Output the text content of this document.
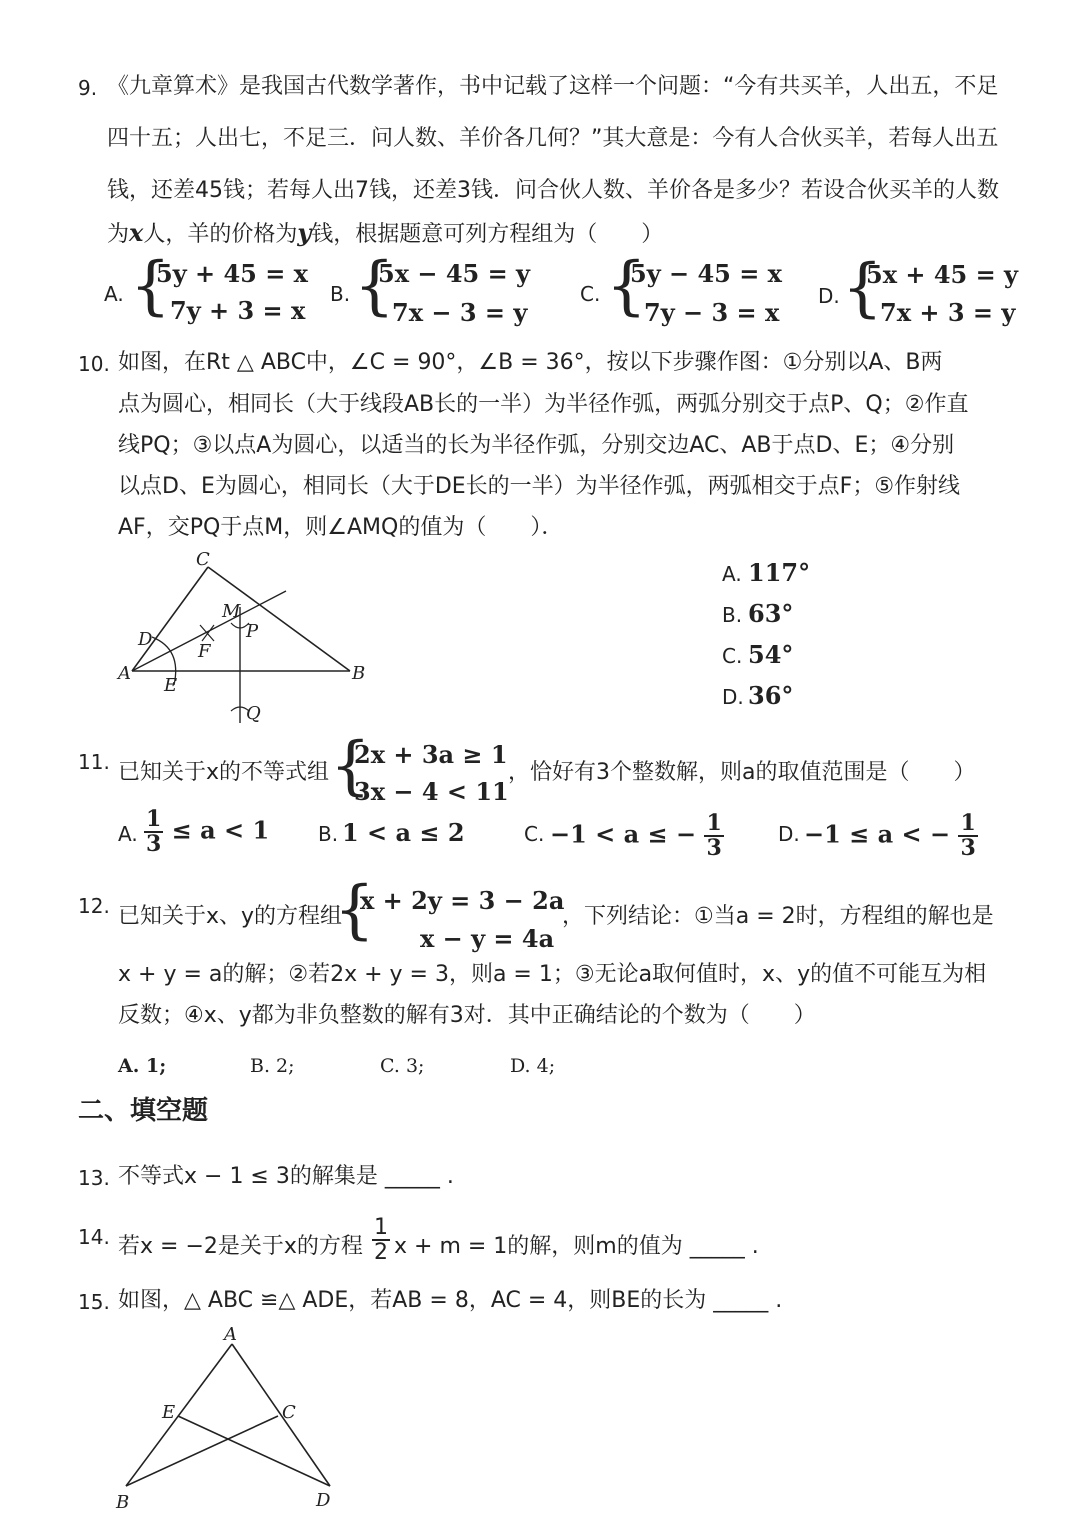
9. 《九章算术》是我国古代数学著作，书中记载了这样一个问题：“今有共买羊，人出五，不足
四十五；人出七，不足三．问人数、羊价各几何？”其大意是：今有人合伙买羊，若每人出五
钱，还差45钱；若每人出7钱，还差3钱．问合伙人数、羊价各是多少？若设合伙买羊的人数
为x人，羊的价格为y钱，根据题意可列方程组为（　　）
A. {
5y + 45 = x
7y + 3 = x
B. {
5x − 45 = y
7x − 3 = y
C. {
5y − 45 = x
7y − 3 = x
D. {
5x + 45 = y
7x + 3 = y
10. 如图，在Rt △ ABC中，∠C = 90°，∠B = 36°，按以下步骤作图：①分别以A、B两
点为圆心，相同长（大于线段AB长的一半）为半径作弧，两弧分别交于点P、Q；②作直
线PQ；③以点A为圆心，以适当的长为半径作弧，分别交边AC、AB于点D、E；④分别
以点D、E为圆心，相同长（大于DE长的一半）为半径作弧，两弧相交于点F；⑤作射线
AF，交PQ于点M，则∠AMQ的值为（　　）．
C
M
P
D
F
A
E
B
Q
A. 117°
B. 63°
C. 54°
D. 36°
11. 已知关于x的不等式组 {
2x + 3a ≥ 1
3x − 4 < 11
，恰好有3个整数解，则a的取值范围是（　　）
A. $\frac{1}{3} \le a < 1$ B. 1 < a ≤ 2	C. −1 < a ≤ − $\frac{1}{3}$	D. −1 ≤ a < − $\frac{1}{3}$
12. 已知关于x、y的方程组
{
x + 2y = 3 − 2a
x − y = 4a
，下列结论：①当a = 2时，方程组的解也是
x + y = a的解；②若2x + y = 3，则a = 1；③无论a取何值时，x、y的值不可能互为相
反数；④x、y都为非负整数的解有3对．其中正确结论的个数为（　　）
A. 1;	B. 2;	C. 3;	D. 4;
二、填空题
13. 不等式x − 1 ≤ 3的解集是 _____ .
14. 若x = −2是关于x的方程 $\frac{1}{2}$ x + m = 1的解，则m的值为 _____ .
15. 如图，△ ABC ≌△ ADE，若AB = 8，AC = 4，则BE的长为 _____ .
A
E	C
B	D
